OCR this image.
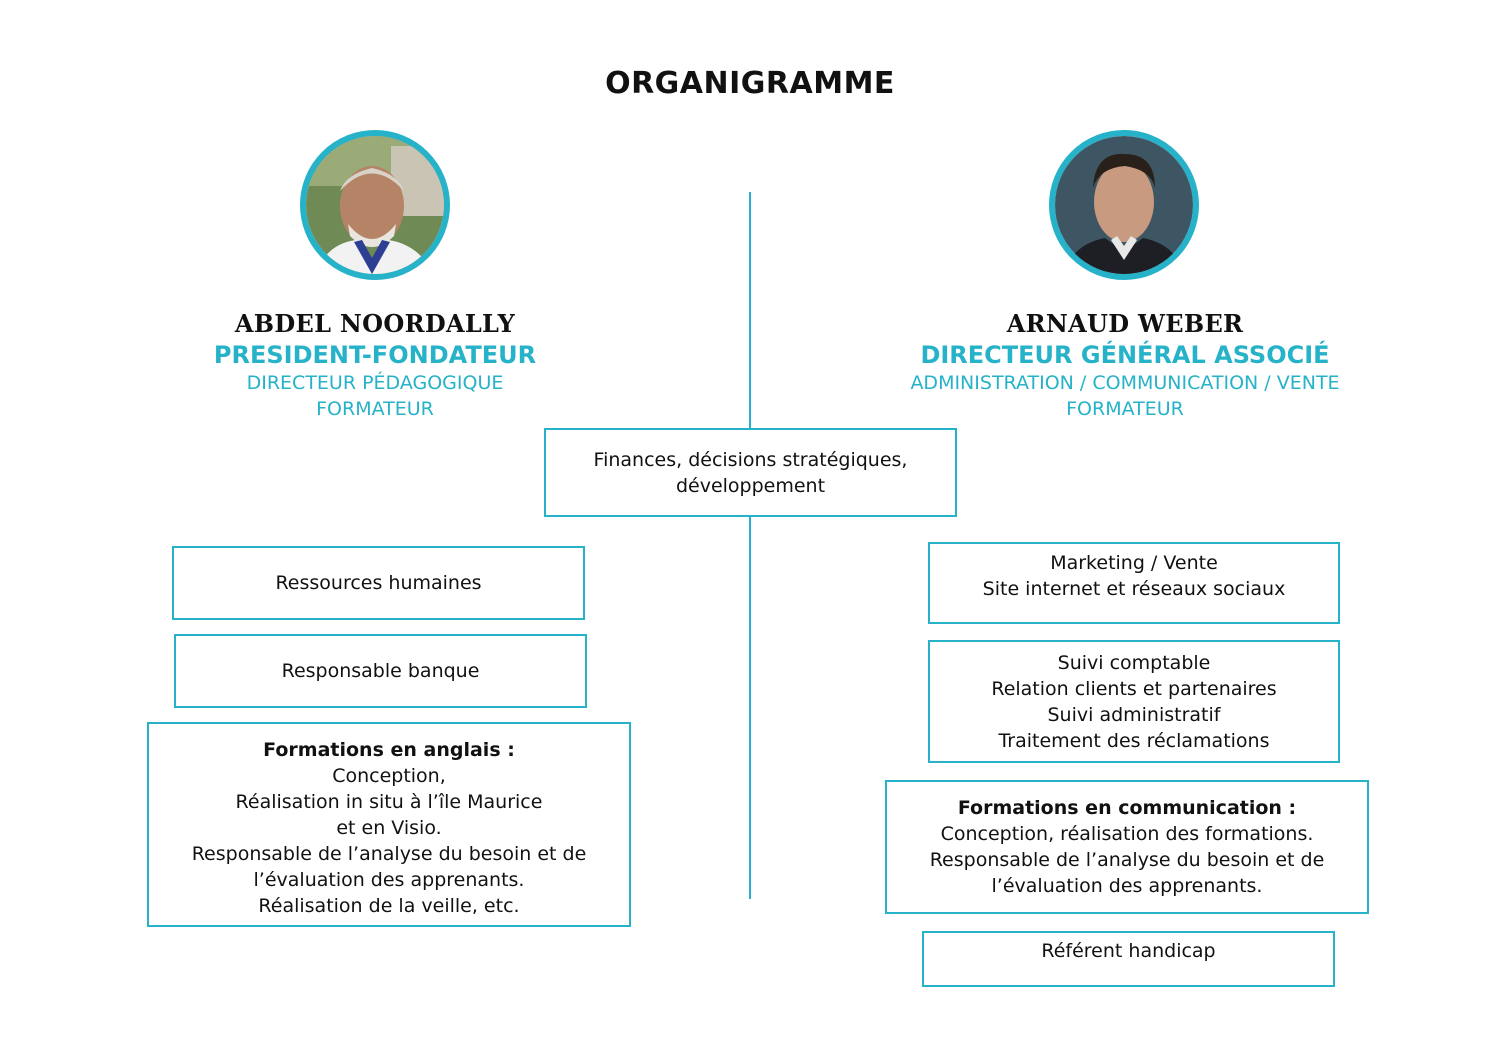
ORGANIGRAMME
ABDEL NOORDALLY
PRESIDENT-FONDATEUR
DIRECTEUR PÉDAGOGIQUE
FORMATEUR
ARNAUD WEBER
DIRECTEUR GÉNÉRAL ASSOCIÉ
ADMINISTRATION / COMMUNICATION / VENTE
FORMATEUR
Finances, décisions stratégiques,
développement
Ressources humaines
Responsable banque
Formations en anglais :
Conception,
Réalisation in situ à l’île Maurice
et en Visio.
Responsable de l’analyse du besoin et de
l’évaluation des apprenants.
Réalisation de la veille, etc.
Marketing / Vente
Site internet et réseaux sociaux
Suivi comptable
Relation clients et partenaires
Suivi administratif
Traitement des réclamations
Formations en communication :
Conception, réalisation des formations.
Responsable de l’analyse du besoin et de
l’évaluation des apprenants.
Référent handicap
